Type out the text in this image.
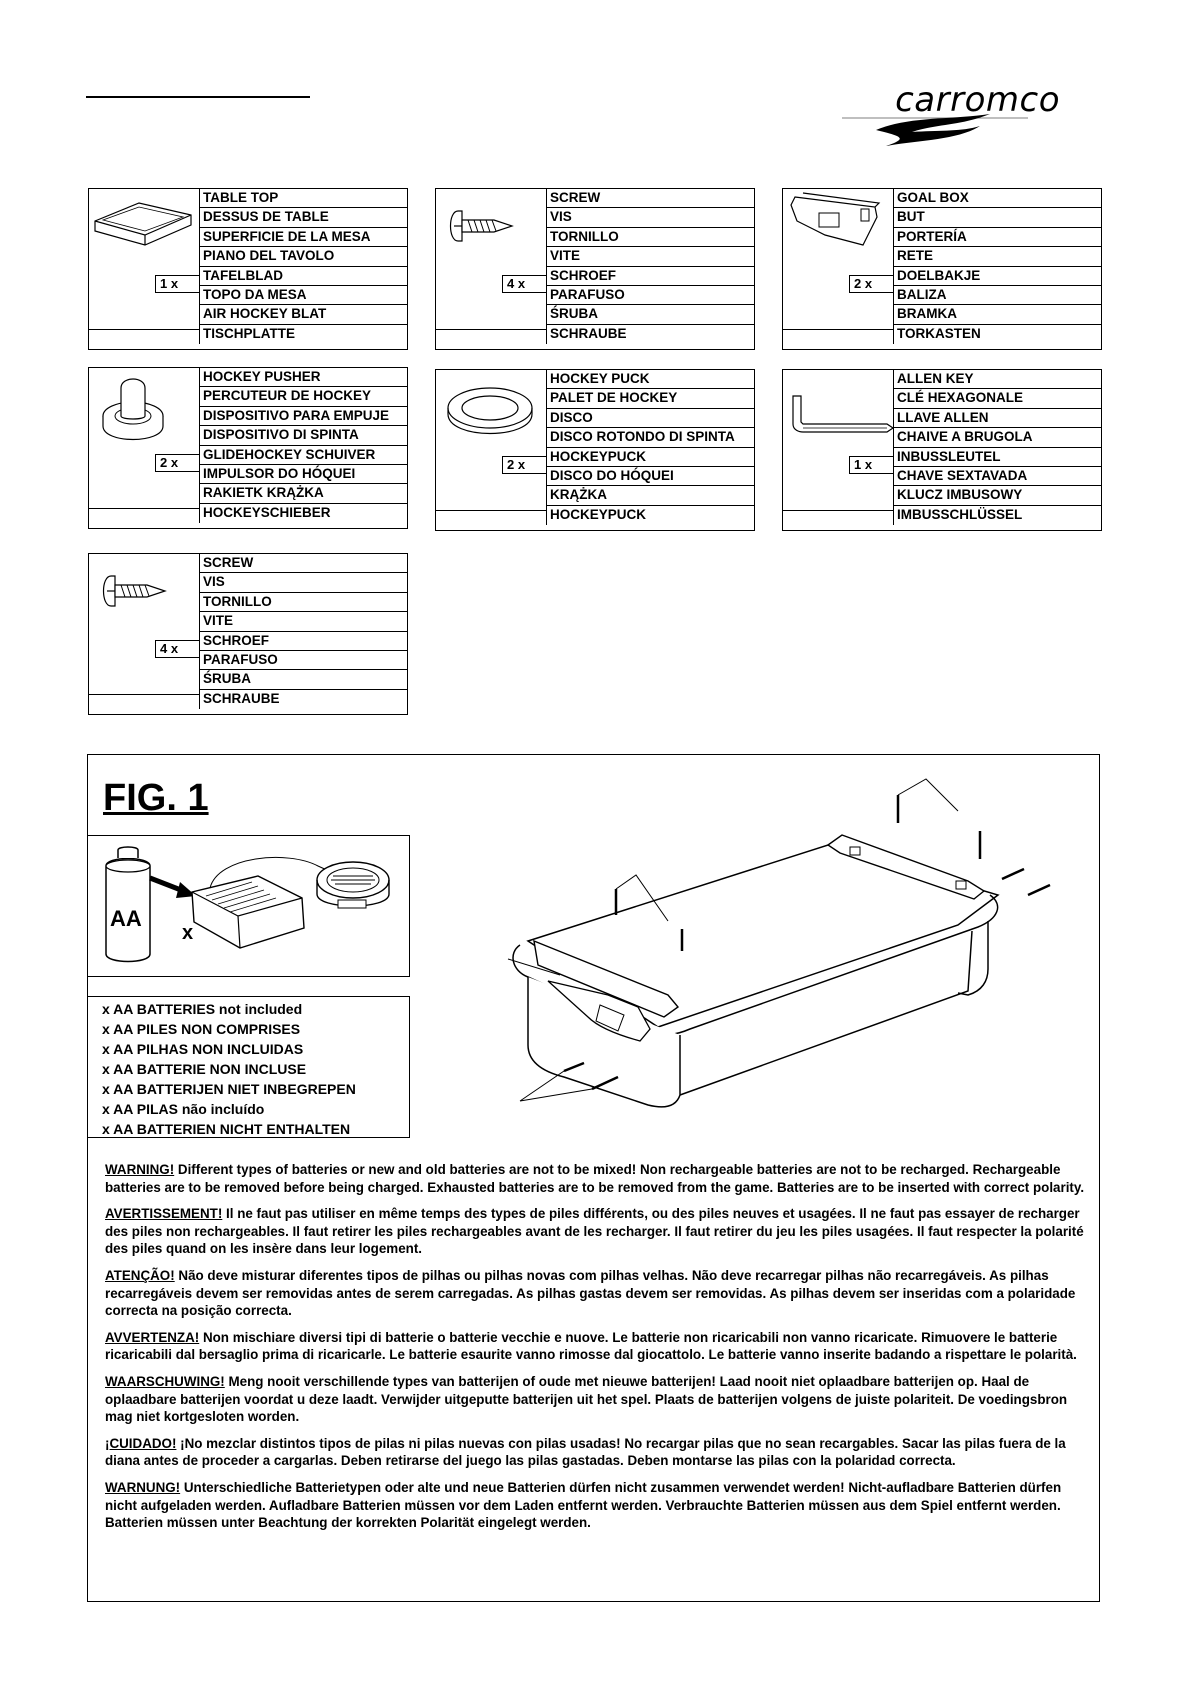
carromco
1 x
TABLE TOP
DESSUS DE TABLE
SUPERFICIE DE LA MESA
PIANO DEL TAVOLO
TAFELBLAD
TOPO DA MESA
AIR HOCKEY BLAT
TISCHPLATTE
4 x
SCREW
VIS
TORNILLO
VITE
SCHROEF
PARAFUSO
ŚRUBA
SCHRAUBE
2 x
GOAL BOX
BUT
PORTERÍA
RETE
DOELBAKJE
BALIZA
BRAMKA
TORKASTEN
2 x
HOCKEY PUSHER
PERCUTEUR DE HOCKEY
DISPOSITIVO PARA EMPUJE
DISPOSITIVO DI SPINTA
GLIDEHOCKEY SCHUIVER
IMPULSOR DO HÓQUEI
RAKIETK KRĄŻKA
HOCKEYSCHIEBER
2 x
HOCKEY PUCK
PALET DE HOCKEY
DISCO
DISCO ROTONDO DI SPINTA
HOCKEYPUCK
DISCO DO HÓQUEI
KRĄŻKA
HOCKEYPUCK
1 x
ALLEN KEY
CLÉ HEXAGONALE
LLAVE ALLEN
CHAIVE A BRUGOLA
INBUSSLEUTEL
CHAVE SEXTAVADA
KLUCZ IMBUSOWY
IMBUSSCHLÜSSEL
4 x
SCREW
VIS
TORNILLO
VITE
SCHROEF
PARAFUSO
ŚRUBA
SCHRAUBE
FIG. 1
AA
x
x AA BATTERIES not included
x AA PILES NON COMPRISES
x AA PILHAS NON INCLUIDAS
x AA BATTERIE NON INCLUSE
x AA BATTERIJEN NIET INBEGREPEN
x AA PILAS não incluído
x AA BATTERIEN NICHT ENTHALTEN

WARNING! Different types of batteries or new and old batteries are not to be mixed! Non rechargeable batteries are not to be recharged. Rechargeable batteries are to be removed before being charged. Exhausted batteries are to be removed from the game. Batteries are to be inserted with correct polarity.

AVERTISSEMENT! Il ne faut pas utiliser en même temps des types de piles différents, ou des piles neuves et usagées. Il ne faut pas essayer de recharger des piles non rechargeables. Il faut retirer les piles rechargeables avant de les recharger. Il faut retirer du jeu les piles usagées. Il faut respecter la polarité des piles quand on les insère dans leur logement.

ATENÇÃO! Não deve misturar diferentes tipos de pilhas ou pilhas novas com pilhas velhas. Não deve recarregar pilhas não recarregáveis. As pilhas recarregáveis devem ser removidas antes de serem carregadas. As pilhas gastas devem ser removidas. As pilhas devem ser inseridas com a polaridade correcta na posição correcta.

AVVERTENZA! Non mischiare diversi tipi di batterie o batterie vecchie e nuove. Le batterie non ricaricabili non vanno ricaricate. Rimuovere le batterie ricaricabili dal bersaglio prima di ricaricarle. Le batterie esaurite vanno rimosse dal giocattolo. Le batterie vanno inserite badando a rispettare le polarità.

WAARSCHUWING! Meng nooit verschillende types van batterijen of oude met nieuwe batterijen! Laad nooit niet oplaadbare batterijen op. Haal de oplaadbare batterijen voordat u deze laadt. Verwijder uitgeputte batterijen uit het spel. Plaats de batterijen volgens de juiste polariteit. De voedingsbron mag niet kortgesloten worden.

¡CUIDADO! ¡No mezclar distintos tipos de pilas ni pilas nuevas con pilas usadas! No recargar pilas que no sean recargables. Sacar las pilas fuera de la diana antes de proceder a cargarlas. Deben retirarse del juego las pilas gastadas. Deben montarse las pilas con la polaridad correcta.

WARNUNG! Unterschiedliche Batterietypen oder alte und neue Batterien dürfen nicht zusammen verwendet werden! Nicht-aufladbare Batterien dürfen nicht aufgeladen werden. Aufladbare Batterien müssen vor dem Laden entfernt werden. Verbrauchte Batterien müssen aus dem Spiel entfernt werden. Batterien müssen unter Beachtung der korrekten Polarität eingelegt werden.
